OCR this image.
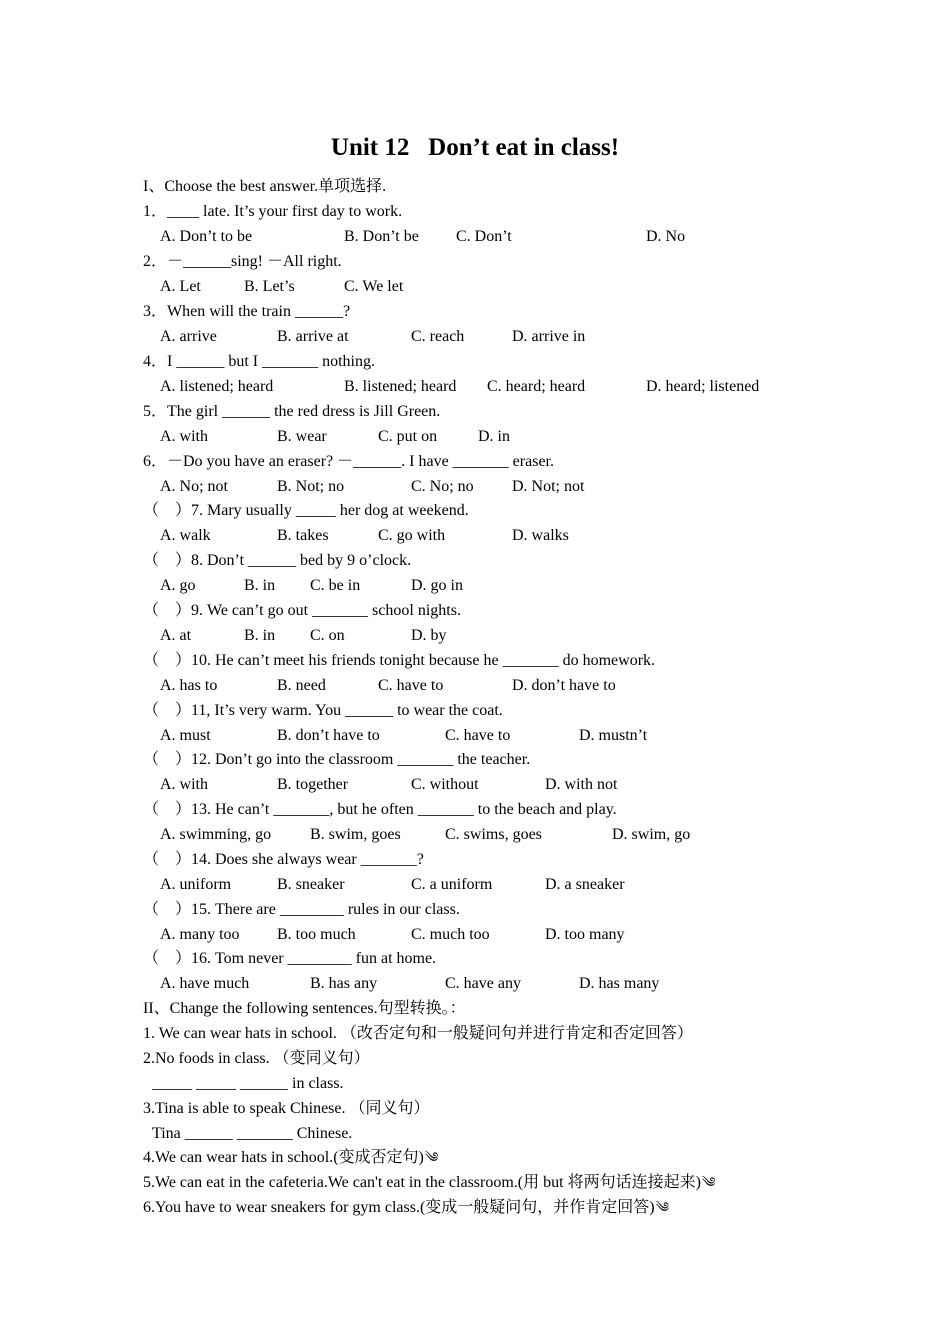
Unit 12   Don’t eat in class!
I、Choose the best answer.单项选择.
1．____ late. It’s your first day to work.
A. Don’t to be	B. Don’t be C. Don’t	D. No
2．－______sing! －All right.
A. Let	B. Let’s	C. We let
3．When will the train ______?
A. arrive	B. arrive at	C. reach	D. arrive in
4．I ______ but I _______ nothing.
A. listened; heard	B. listened; heard C. heard; heard	D. heard; listened
5．The girl ______ the red dress is Jill Green.
A. with	B. wear	C. put on	D. in
6．－Do you have an eraser? －______. I have _______ eraser.
A. No; not	B. Not; no	C. No; no D. Not; not
（　）7. Mary usually _____ her dog at weekend.
A. walk	B. takes	C. go with	D. walks
（　）8. Don’t ______ bed by 9 o’clock.
A. go	B. in C. be in	D. go in
（　）9. We can’t go out _______ school nights.
A. at	B. in C. on	D. by
（　）10. He can’t meet his friends tonight because he _______ do homework.
A. has to	B. need	C. have to	D. don’t have to
（　）11, It’s very warm. You ______ to wear the coat.
A. must	B. don’t have to	C. have to	D. mustn’t
（　）12. Don’t go into the classroom _______ the teacher.
A. with	B. together	C. without	D. with not
（　）13. He can’t _______, but he often _______ to the beach and play.
A. swimming, go B. swim, goes	C. swims, goes	D. swim, go
（　）14. Does she always wear _______?
A. uniform	B. sneaker	C. a uniform	D. a sneaker
（　）15. There are ________ rules in our class.
A. many too B. too much	C. much too	D. too many
（　）16. Tom never ________ fun at home.
A. have much	B. has any	C. have any	D. has many
II、Change the following sentences.句型转换。：
1. We can wear hats in school. （改否定句和一般疑问句并进行肯定和否定回答）
2.No foods in class. （变同义句）
_____ _____ ______ in class.
3.Tina is able to speak Chinese. （同义句）
Tina ______ _______ Chinese.
4.We can wear hats in school.(变成否定句)༄
5.We can eat in the cafeteria.We can't eat in the classroom.(用 but 将两句话连接起来)༄
6.You have to wear sneakers for gym class.(变成一般疑问句，并作肯定回答)༄
